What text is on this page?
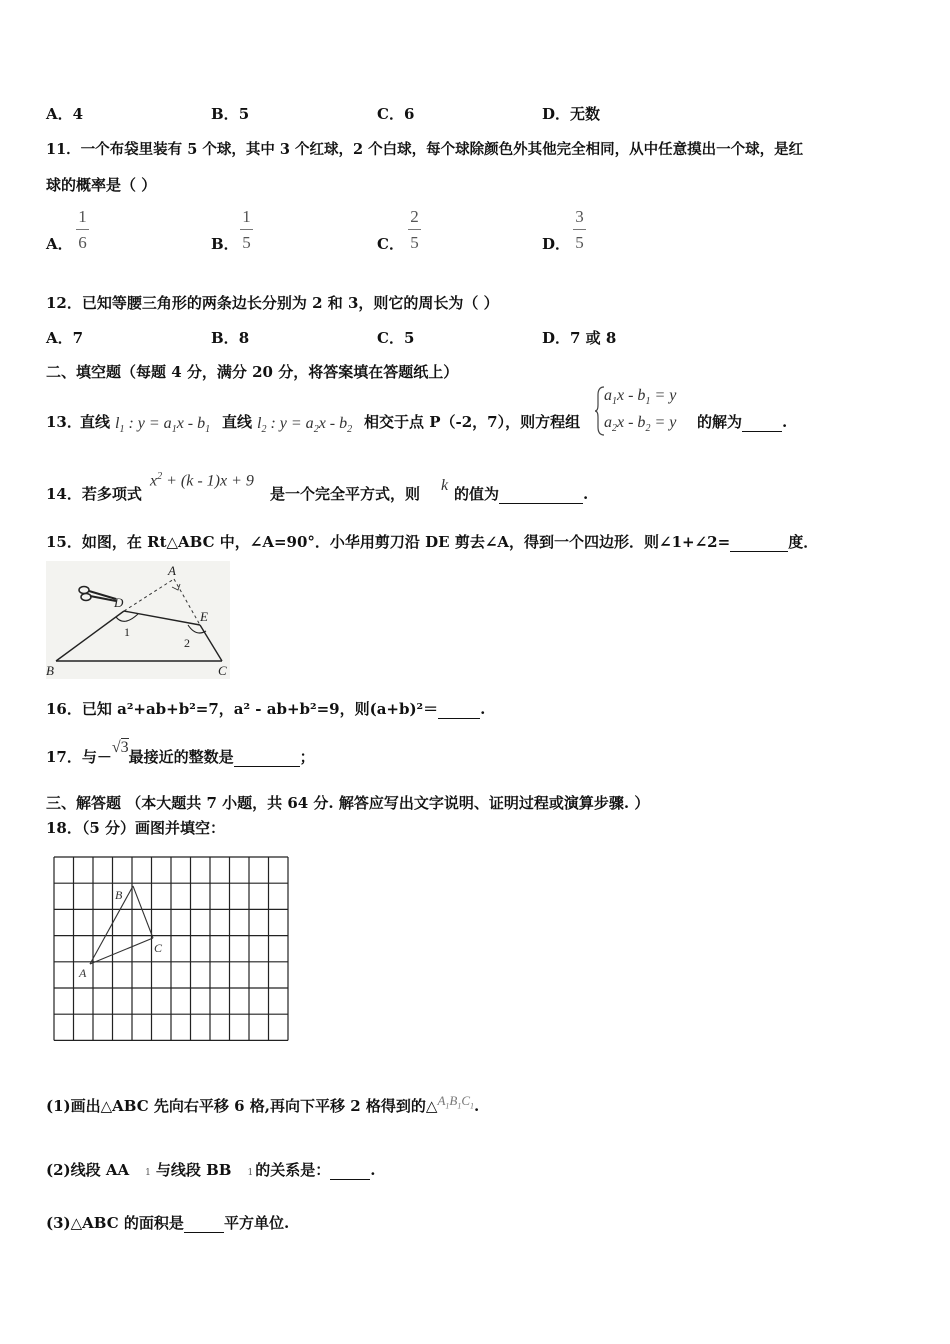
A．4	B．5	C．6	D．无数
11．一个布袋里装有 5 个球，其中 3 个红球，2 个白球，每个球除颜色外其他完全相同，从中任意摸出一个球，是红
球的概率是（ ）
A．
1
6	B．
1
5	C．
2
5	D．
3
5
12．已知等腰三角形的两条边长分别为 2 和 3，则它的周长为（ ）
A．7	B．8	C．5	D．7 或 8
二、填空题（每题 4 分，满分 20 分，将答案填在答题纸上）
13．
直线 $l_1$ : $y = a_1x - b_1$ 直线 $l_2$ : $y = a_2x - b_2$ 相交于点 P（-2，7），则方程组
$a_1x - b_1 = y$
$a_2x - b_2 = y$ 的解为	.
14．若多项式
$x^2 + (k - 1)x + 9$
是一个完全平方式，则 k 的值为	.
15．如图，在 Rt△ABC 中，∠A=90°．小华用剪刀沿 DE 剪去∠A，得到一个四边形．则∠1+∠2=	度．
A
D
E
B	C
1
2
16．已知 a²+ab+b²=7，a² - ab+b²=9，则(a+b)²＝	.
17．与－√3最接近的整数是	；
三、解答题 （本大题共 7 小题，共 64 分. 解答应写出文字说明、证明过程或演算步骤. ）
18．（5 分）画图并填空：
A
B
C
(1)画出△ABC 先向右平移 6 格,再向下平移 2 格得到的$\triangle A_1B_1C_1$.
(2)线段 AA 1 与线段 BB 1 的关系是：	.
(3)△ABC 的面积是	平方单位.
